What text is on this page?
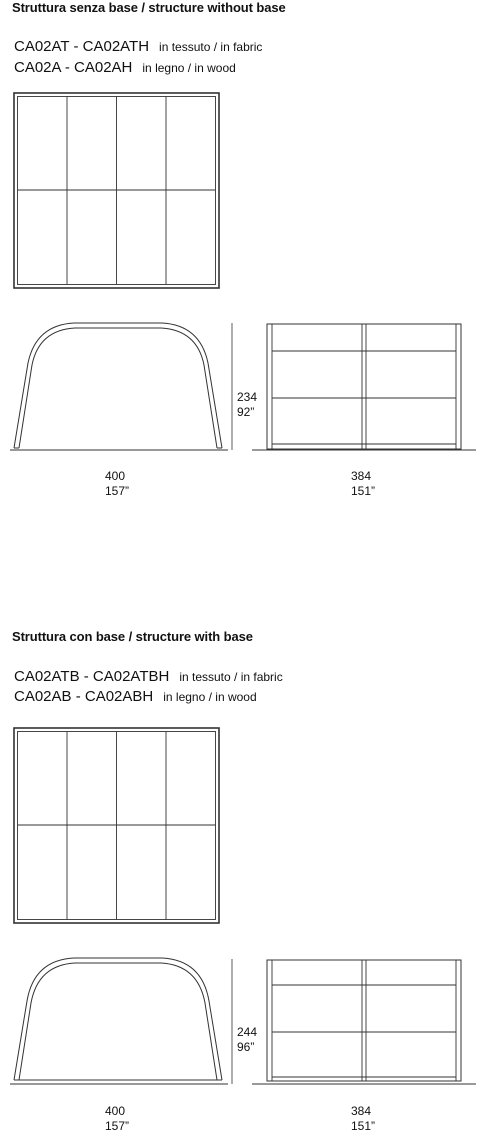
Struttura senza base / structure without base
CA02AT - CA02ATH in tessuto / in fabric
CA02A - CA02AH in legno / in wood
234
92”
400
157”
384
151”
Struttura con base / structure with base
CA02ATB - CA02ATBH in tessuto / in fabric
CA02AB - CA02ABH in legno / in wood
244
96”
400
157”
384
151”
